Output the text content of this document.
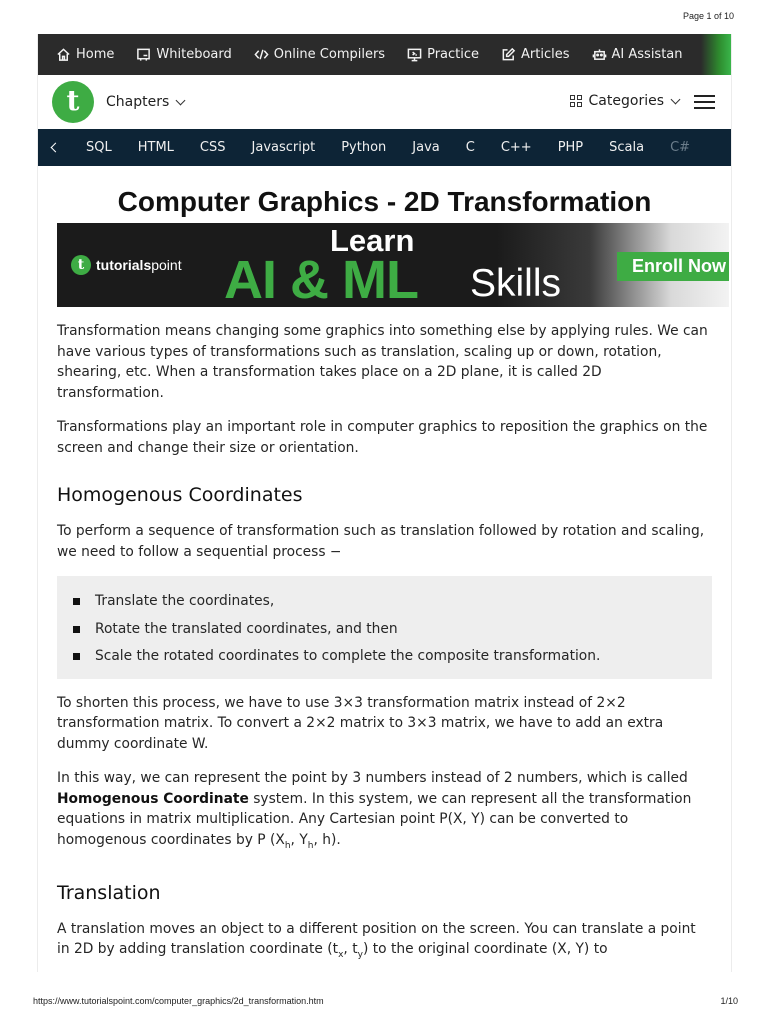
Page 1 of 10
Home	Whiteboard	Online Compilers	Practice	Articles	AI Assistan
t Chapters	Categories
SQL HTML CSS Javascript Python Java C C++ PHP Scala C#
Computer Graphics - 2D Transformation
t tutorials point
Learn
AI & ML Skills	Enroll Now

Transformation means changing some graphics into something else by applying rules. We can have various types of transformations such as translation, scaling up or down, rotation, shearing, etc. When a transformation takes place on a 2D plane, it is called 2D transformation.

Transformations play an important role in computer graphics to reposition the graphics on the screen and change their size or orientation.

Homogenous Coordinates

To perform a sequence of transformation such as translation followed by rotation and scaling, we need to follow a sequential process −

Translate the coordinates,
Rotate the translated coordinates, and then
Scale the rotated coordinates to complete the composite transformation.

To shorten this process, we have to use 3×3 transformation matrix instead of 2×2 transformation matrix. To convert a 2×2 matrix to 3×3 matrix, we have to add an extra dummy coordinate W.

In this way, we can represent the point by 3 numbers instead of 2 numbers, which is called Homogenous Coordinate system. In this system, we can represent all the transformation equations in matrix multiplication. Any Cartesian point P(X, Y) can be converted to homogenous coordinates by P ($X_h$, $Y_h$, h).

Translation

A translation moves an object to a different position on the screen. You can translate a point in 2D by adding translation coordinate ($t_x$, $t_y$) to the original coordinate (X, Y) to

https://www.tutorialspoint.com/computer_graphics/2d_transformation.htm	1/10
